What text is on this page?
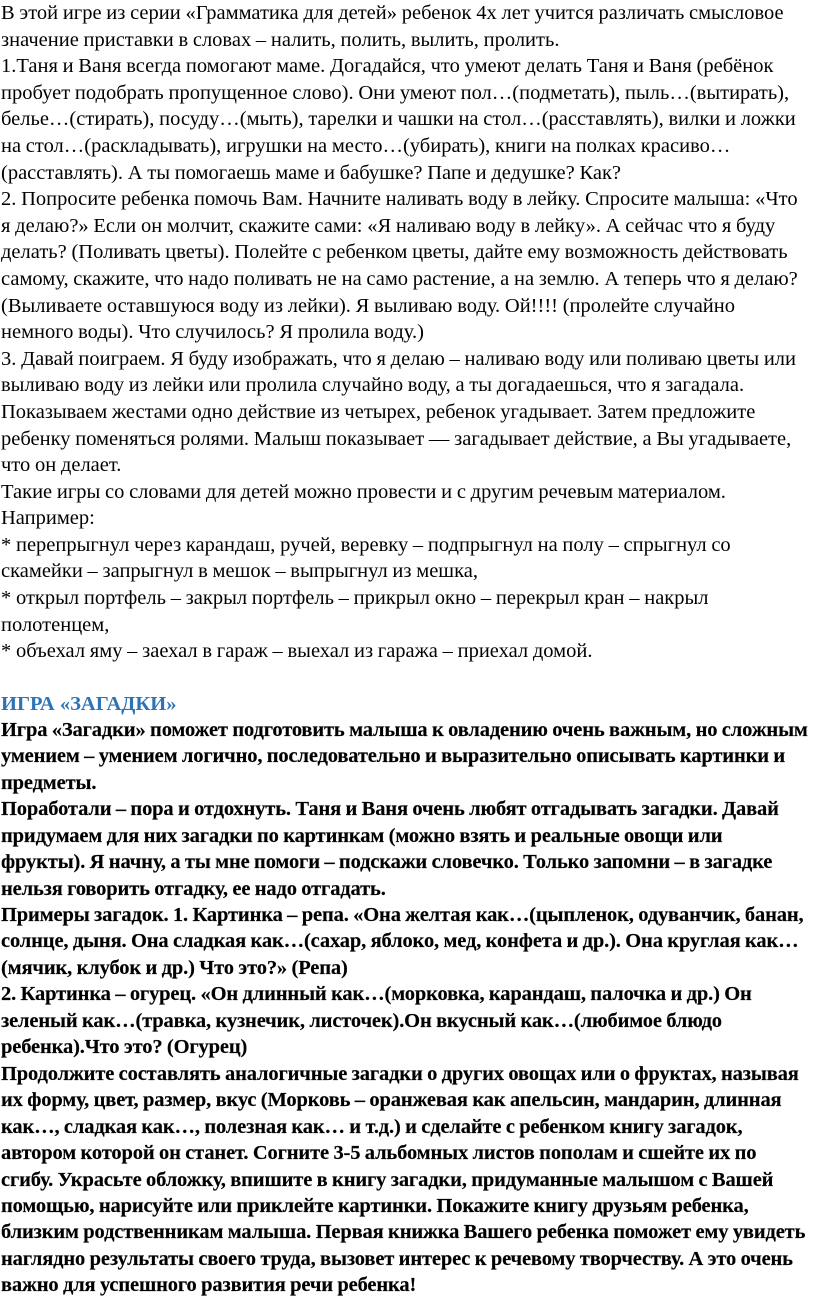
В этой игре из серии «Грамматика для детей» ребенок 4х лет учится различать смысловое значение приставки в словах – налить, полить, вылить, пролить.

1.Таня и Ваня всегда помогают маме. Догадайся, что умеют делать Таня и Ваня (ребёнок пробует подобрать пропущенное слово). Они умеют пол…(подметать), пыль…(вытирать), белье…(стирать), посуду…(мыть), тарелки и чашки на стол…(расставлять), вилки и ложки на стол…(раскладывать), игрушки на место…(убирать), книги на полках красиво…(расставлять). А ты помогаешь маме и бабушке? Папе и дедушке? Как?

2. Попросите ребенка помочь Вам. Начните наливать воду в лейку. Спросите малыша: «Что я делаю?» Если он молчит, скажите сами: «Я наливаю воду в лейку». А сейчас что я буду делать? (Поливать цветы). Полейте с ребенком цветы, дайте ему возможность действовать самому, скажите, что надо поливать не на само растение, а на землю. А теперь что я делаю? (Выливаете оставшуюся воду из лейки). Я выливаю воду. Ой!!!! (пролейте случайно немного воды). Что случилось? Я пролила воду.)

3. Давай поиграем. Я буду изображать, что я делаю – наливаю воду или поливаю цветы или выливаю воду из лейки или пролила случайно воду, а ты догадаешься, что я загадала. Показываем жестами одно действие из четырех, ребенок угадывает. Затем предложите ребенку поменяться ролями. Малыш показывает — загадывает действие, а Вы угадываете, что он делает.

Такие игры со словами для детей можно провести и с другим речевым материалом. Например:

* перепрыгнул через карандаш, ручей, веревку – подпрыгнул на полу – спрыгнул со скамейки – запрыгнул в мешок – выпрыгнул из мешка,

* открыл портфель – закрыл портфель – прикрыл окно – перекрыл кран – накрыл полотенцем,

* объехал яму – заехал в гараж – выехал из гаража – приехал домой.

ИГРА «ЗАГАДКИ»

Игра «Загадки» поможет подготовить малыша к овладению очень важным, но сложным умением – умением логично, последовательно и выразительно описывать картинки и предметы.

Поработали – пора и отдохнуть. Таня и Ваня очень любят отгадывать загадки. Давай придумаем для них загадки по картинкам (можно взять и реальные овощи или фрукты). Я начну, а ты мне помоги – подскажи словечко. Только запомни – в загадке нельзя говорить отгадку, ее надо отгадать.

Примеры загадок. 1. Картинка – репа. «Она желтая как…(цыпленок, одуванчик, банан, солнце, дыня. Она сладкая как…(сахар, яблоко, мед, конфета и др.). Она круглая как…(мячик, клубок и др.) Что это?» (Репа)

2. Картинка – огурец. «Он длинный как…(морковка, карандаш, палочка и др.) Он зеленый как…(травка, кузнечик, листочек).Он вкусный как…(любимое блюдо ребенка).Что это? (Огурец)

Продолжите составлять аналогичные загадки о других овощах или о фруктах, называя их форму, цвет, размер, вкус (Морковь – оранжевая как апельсин, мандарин, длинная как…, сладкая как…, полезная как… и т.д.) и сделайте с ребенком книгу загадок, автором которой он станет. Согните 3-5 альбомных листов пополам и сшейте их по сгибу. Украсьте обложку, впишите в книгу загадки, придуманные малышом с Вашей помощью, нарисуйте или приклейте картинки. Покажите книгу друзьям ребенка, близким родственникам малыша. Первая книжка Вашего ребенка поможет ему увидеть наглядно результаты своего труда, вызовет интерес к речевому творчеству. А это очень важно для успешного развития речи ребенка!
